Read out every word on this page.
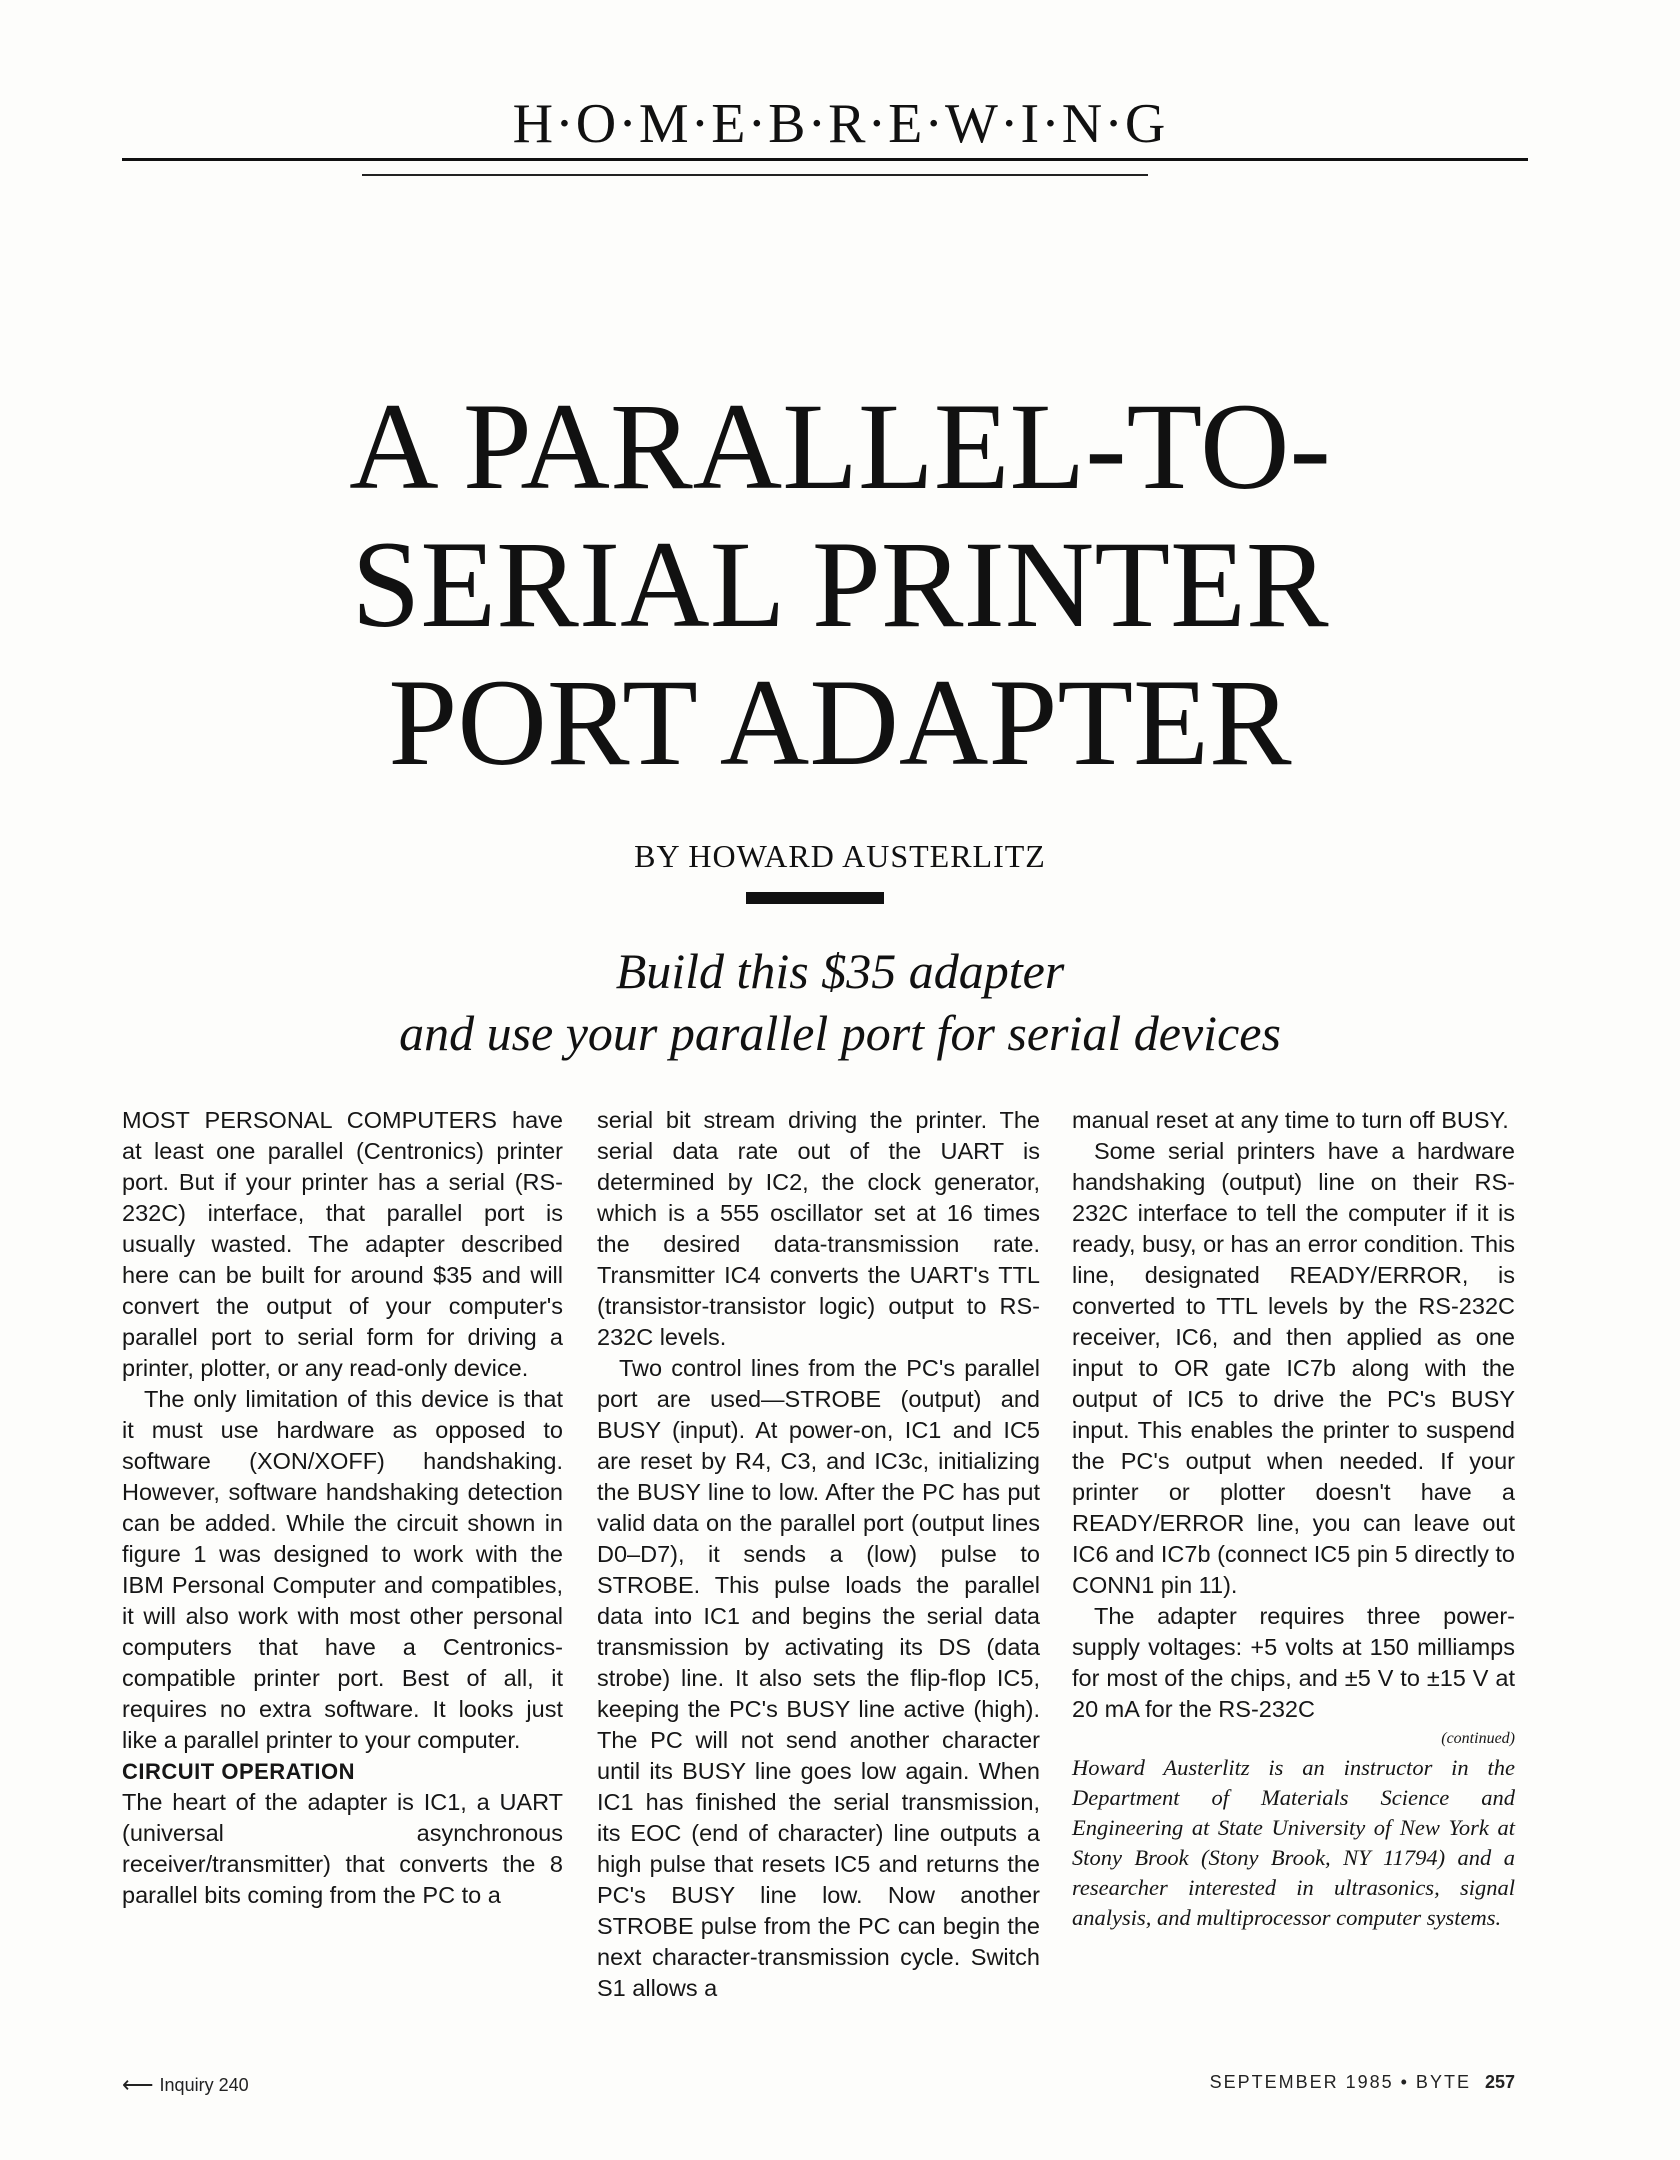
H·O·M·E·B·R·E·W·I·N·G
A PARALLEL-TO-
SERIAL PRINTER
PORT ADAPTER
BY HOWARD AUSTERLITZ
Build this $35 adapter
and use your parallel port for serial devices

MOST PERSONAL COMPUTERS have at least one parallel (Centronics) printer port. But if your printer has a serial (RS-232C) interface, that parallel port is usually wasted. The adapter described here can be built for around $35 and will convert the output of your computer's parallel port to serial form for driving a printer, plotter, or any read-only device.

The only limitation of this device is that it must use hardware as opposed to software (XON/XOFF) handshaking. However, software handshaking detection can be added. While the circuit shown in figure 1 was designed to work with the IBM Personal Computer and compatibles, it will also work with most other personal computers that have a Centronics-compatible printer port. Best of all, it requires no extra software. It looks just like a parallel printer to your computer.

CIRCUIT OPERATION

The heart of the adapter is IC1, a UART (universal asynchronous receiver/transmitter) that converts the 8 parallel bits coming from the PC to a

serial bit stream driving the printer. The serial data rate out of the UART is determined by IC2, the clock generator, which is a 555 oscillator set at 16 times the desired data-transmission rate. Transmitter IC4 converts the UART's TTL (transistor-transistor logic) output to RS-232C levels.

Two control lines from the PC's parallel port are used—STROBE (output) and BUSY (input). At power-on, IC1 and IC5 are reset by R4, C3, and IC3c, initializing the BUSY line to low. After the PC has put valid data on the parallel port (output lines D0–D7), it sends a (low) pulse to STROBE. This pulse loads the parallel data into IC1 and begins the serial data transmission by activating its DS (data strobe) line. It also sets the flip-flop IC5, keeping the PC's BUSY line active (high). The PC will not send another character until its BUSY line goes low again. When IC1 has finished the serial transmission, its EOC (end of character) line outputs a high pulse that resets IC5 and returns the PC's BUSY line low. Now another STROBE pulse from the PC can begin the next character-transmission cycle. Switch S1 allows a

manual reset at any time to turn off BUSY.

Some serial printers have a hardware handshaking (output) line on their RS-232C interface to tell the computer if it is ready, busy, or has an error condition. This line, designated READY/ERROR, is converted to TTL levels by the RS-232C receiver, IC6, and then applied as one input to OR gate IC7b along with the output of IC5 to drive the PC's BUSY input. This enables the printer to suspend the PC's output when needed. If your printer or plotter doesn't have a READY/ERROR line, you can leave out IC6 and IC7b (connect IC5 pin 5 directly to CONN1 pin 11).

The adapter requires three power-supply voltages: +5 volts at 150 milliamps for most of the chips, and ±5 V to ±15 V at 20 mA for the RS-232C

(continued)
Howard Austerlitz is an instructor in the Department of Materials Science and Engineering at State University of New York at Stony Brook (Stony Brook, NY 11794) and a researcher interested in ultrasonics, signal analysis, and multiprocessor computer systems.
⟵ Inquiry 240	SEPTEMBER 1985 • BYTE 257
